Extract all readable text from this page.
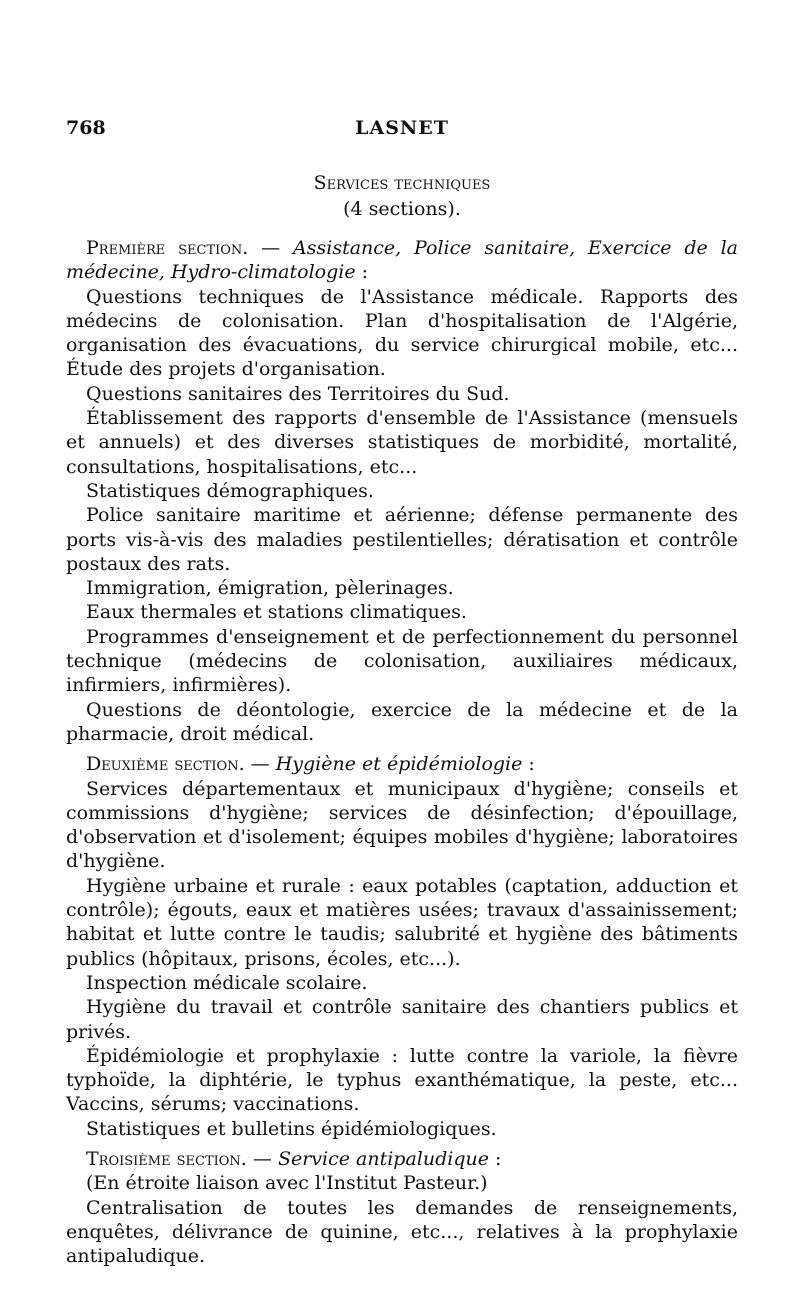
768	LASNET
Services techniques
(4 sections).

Première section. — Assistance, Police sanitaire, Exercice de la médecine, Hydro-climatologie :

Questions techniques de l'Assistance médicale. Rapports des médecins de colonisation. Plan d'hospitalisation de l'Algérie, organisation des évacuations, du service chirurgical mobile, etc... Étude des projets d'organisation.

Questions sanitaires des Territoires du Sud.

Établissement des rapports d'ensemble de l'Assistance (mensuels et annuels) et des diverses statistiques de morbidité, mortalité, consultations, hospitalisations, etc...

Statistiques démographiques.

Police sanitaire maritime et aérienne; défense permanente des ports vis-à-vis des maladies pestilentielles; dératisation et contrôle postaux des rats.

Immigration, émigration, pèlerinages.

Eaux thermales et stations climatiques.

Programmes d'enseignement et de perfectionnement du personnel technique (médecins de colonisation, auxiliaires médicaux, infirmiers, infirmières).

Questions de déontologie, exercice de la médecine et de la pharmacie, droit médical.

Deuxième section. — Hygiène et épidémiologie :

Services départementaux et municipaux d'hygiène; conseils et commissions d'hygiène; services de désinfection; d'épouillage, d'observation et d'isolement; équipes mobiles d'hygiène; laboratoires d'hygiène.

Hygiène urbaine et rurale : eaux potables (captation, adduction et contrôle); égouts, eaux et matières usées; travaux d'assainissement; habitat et lutte contre le taudis; salubrité et hygiène des bâtiments publics (hôpitaux, prisons, écoles, etc...).

Inspection médicale scolaire.

Hygiène du travail et contrôle sanitaire des chantiers publics et privés.

Épidémiologie et prophylaxie : lutte contre la variole, la fièvre typhoïde, la diphtérie, le typhus exanthématique, la peste, etc... Vaccins, sérums; vaccinations.

Statistiques et bulletins épidémiologiques.

Troisième section. — Service antipaludique :

(En étroite liaison avec l'Institut Pasteur.)

Centralisation de toutes les demandes de renseignements, enquêtes, délivrance de quinine, etc..., relatives à la prophylaxie antipaludique.
